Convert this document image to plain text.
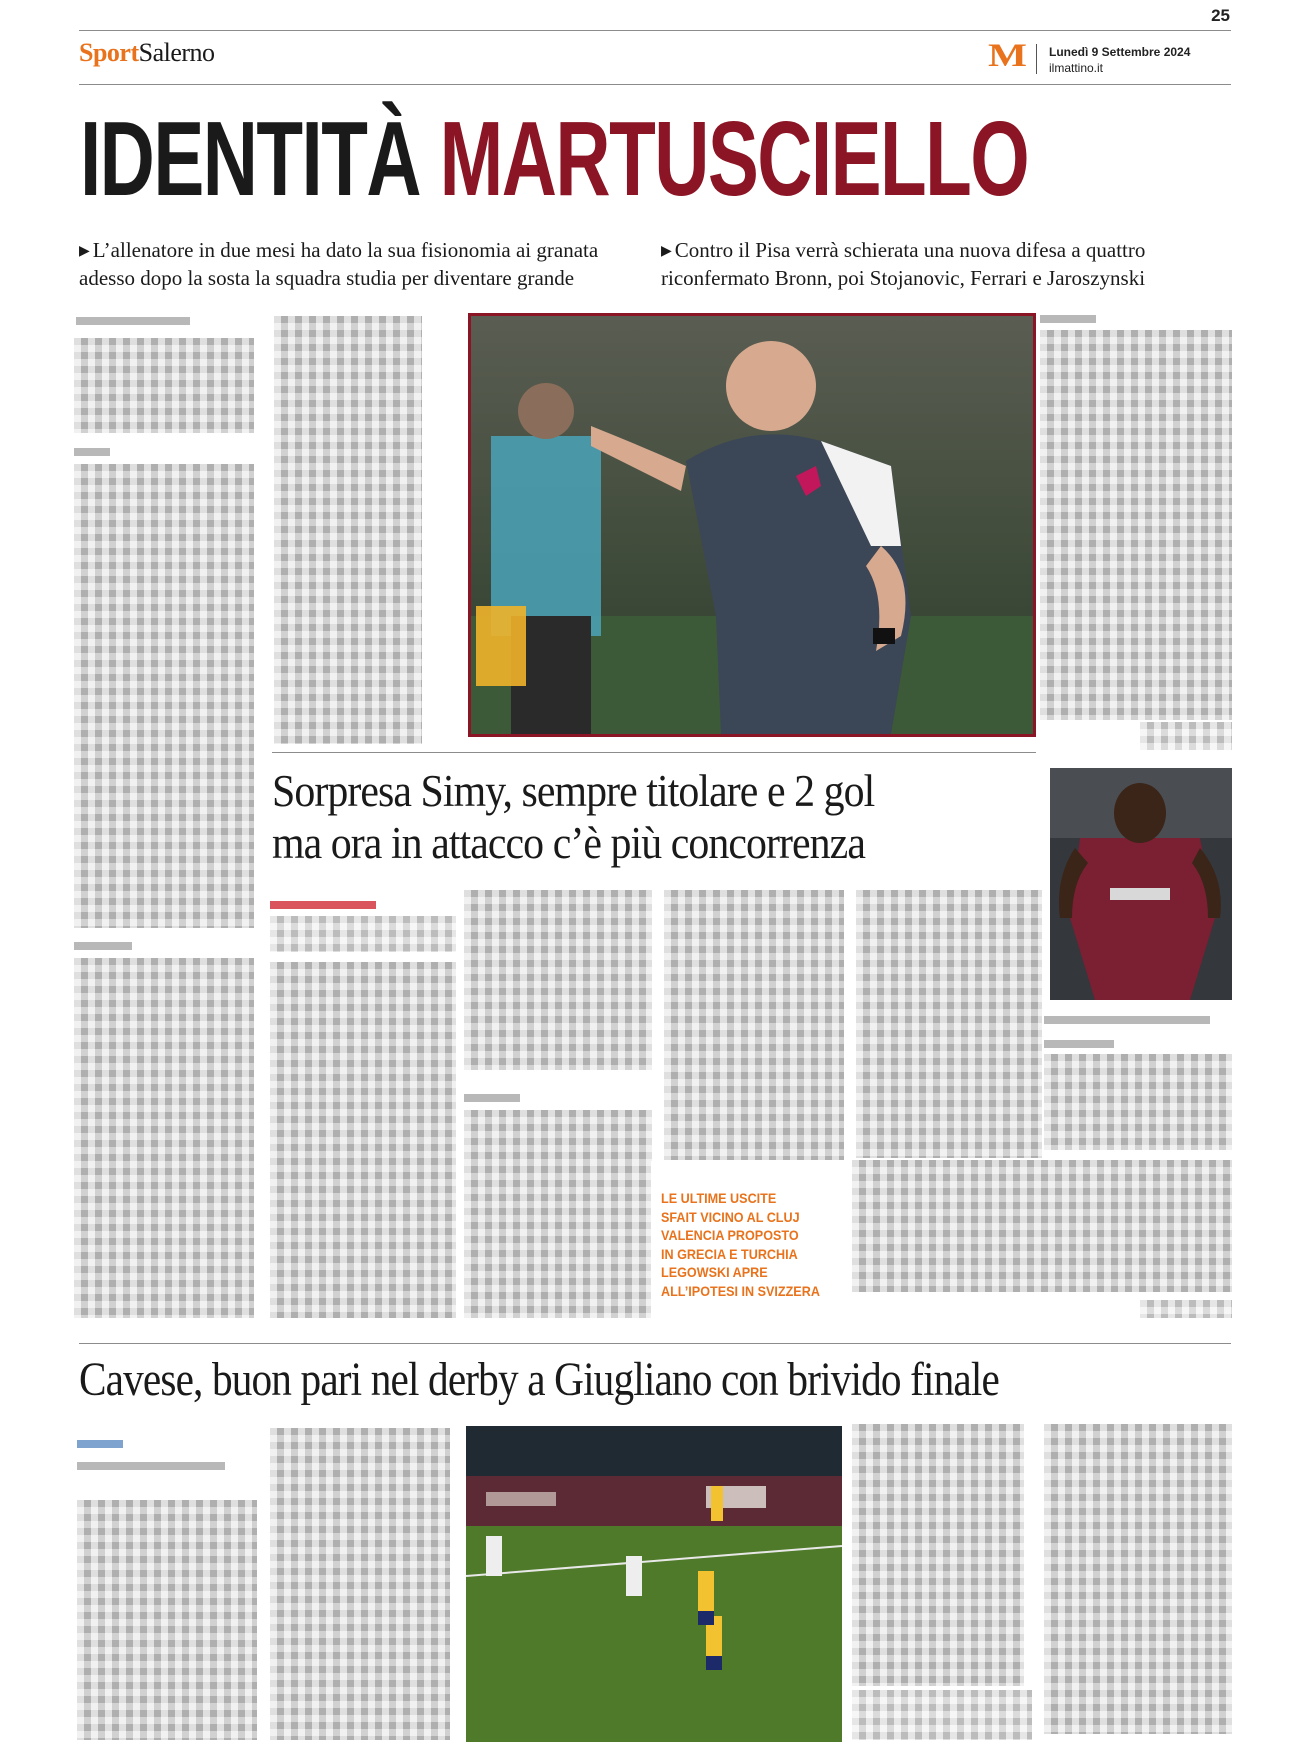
25
SportSalerno	M Lunedì 9 Settembre 2024
ilmattino.it
IDENTITÀ MARTUSCIELLO
▶ L’allenatore in due mesi ha dato la sua fisionomia ai granata
adesso dopo la sosta la squadra studia per diventare grande
▶ Contro il Pisa verrà schierata una nuova difesa a quattro
riconfermato Bronn, poi Stojanovic, Ferrari e Jaroszynski
Sorpresa Simy, sempre titolare e 2 gol
ma ora in attacco c’è più concorrenza
LE ULTIME USCITE
SFAIT VICINO AL CLUJ
VALENCIA PROPOSTO
IN GRECIA E TURCHIA
LEGOWSKI APRE
ALL’IPOTESI IN SVIZZERA
Cavese, buon pari nel derby a Giugliano con brivido finale
